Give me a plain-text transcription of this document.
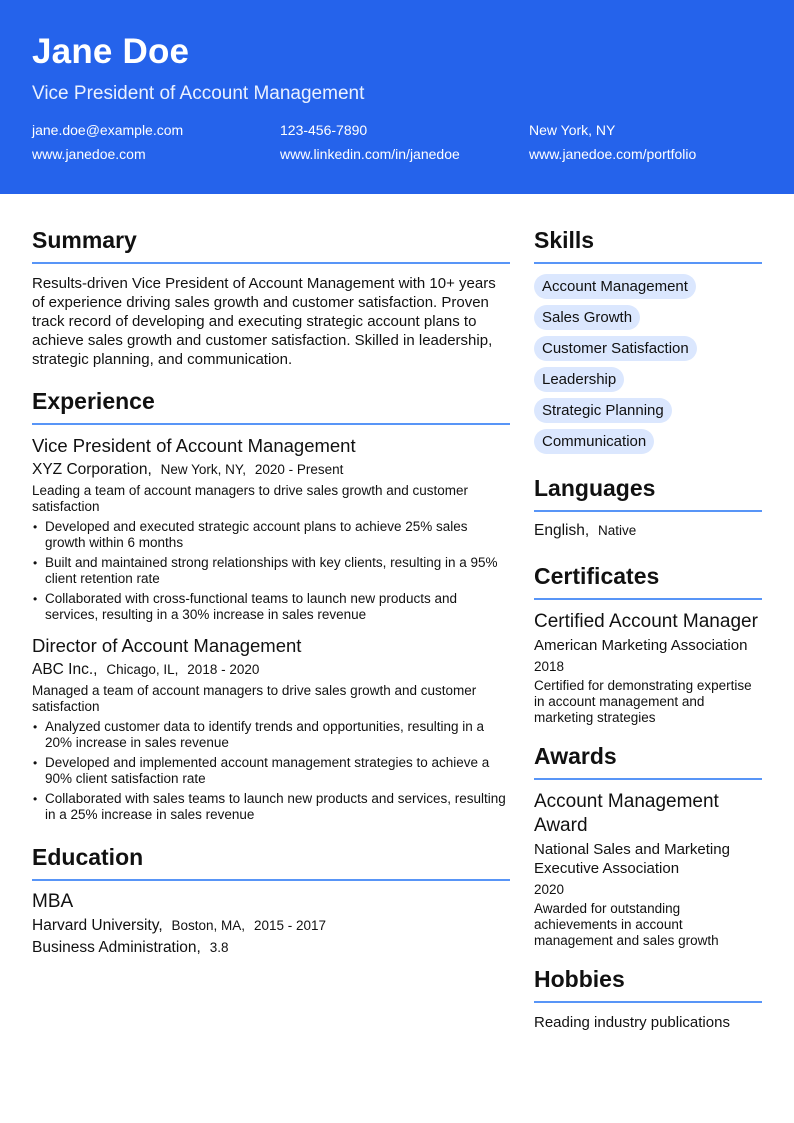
Jane Doe
Vice President of Account Management
jane.doe@example.com	123-456-7890	New York, NY
www.janedoe.com	www.linkedin.com/in/janedoe	www.janedoe.com/portfolio
Summary
Results-driven Vice President of Account Management with 10+ years of experience driving sales growth and customer satisfaction. Proven track record of developing and executing strategic account plans to achieve sales growth and customer satisfaction. Skilled in leadership, strategic planning, and communication.
Experience
Vice President of Account Management
XYZ Corporation, New York, NY, 2020 - Present
Leading a team of account managers to drive sales growth and customer satisfaction
• Developed and executed strategic account plans to achieve 25% sales growth within 6 months
• Built and maintained strong relationships with key clients, resulting in a 95% client retention rate
• Collaborated with cross-functional teams to launch new products and services, resulting in a 30% increase in sales revenue
Director of Account Management
ABC Inc., Chicago, IL, 2018 - 2020
Managed a team of account managers to drive sales growth and customer satisfaction
• Analyzed customer data to identify trends and opportunities, resulting in a 20% increase in sales revenue
• Developed and implemented account management strategies to achieve a 90% client satisfaction rate
• Collaborated with sales teams to launch new products and services, resulting in a 25% increase in sales revenue
Education
MBA
Harvard University, Boston, MA, 2015 - 2017
Business Administration, 3.8
Skills
Account Management
Sales Growth
Customer Satisfaction
Leadership
Strategic Planning
Communication
Languages
English, Native
Certificates
Certified Account Manager
American Marketing Association
2018
Certified for demonstrating expertise in account management and marketing strategies
Awards
Account Management Award
National Sales and Marketing Executive Association
2020
Awarded for outstanding achievements in account management and sales growth
Hobbies
Reading industry publications
